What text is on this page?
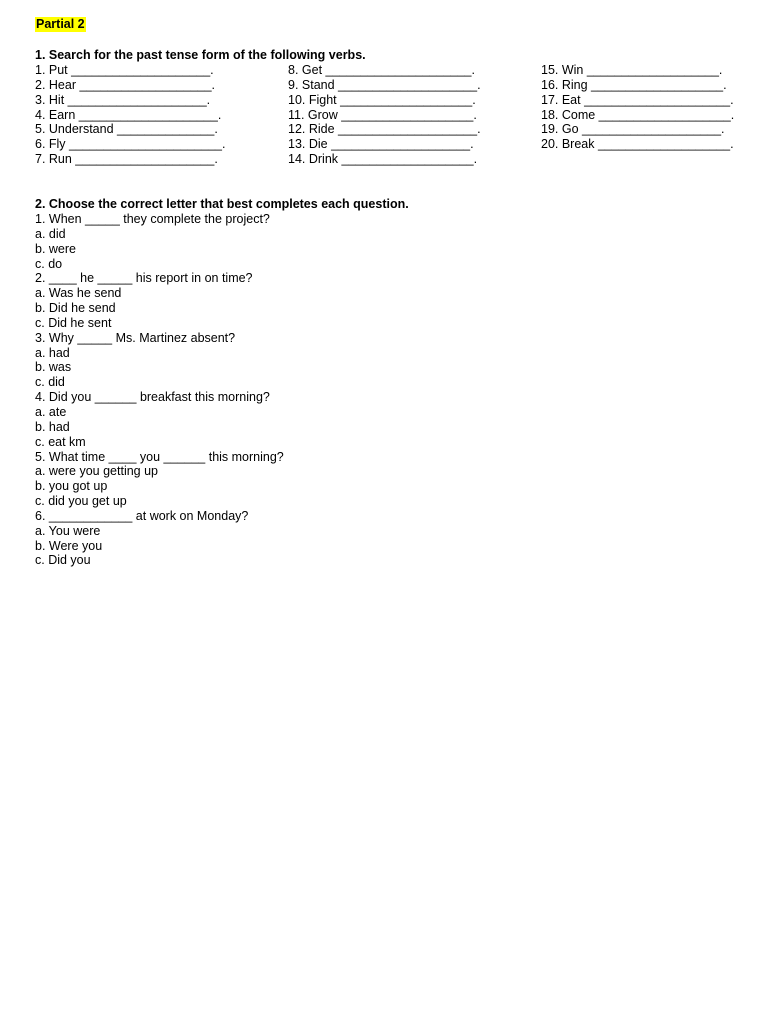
Partial 2
1. Search for the past tense form of the following verbs.
1. Put ____________________.
2. Hear ___________________.
3. Hit ____________________.
4. Earn ____________________.
5. Understand ______________.
6. Fly ______________________.
7. Run ____________________.
8. Get _____________________.
9. Stand ____________________.
10. Fight ___________________.
11. Grow ___________________.
12. Ride ____________________.
13. Die ____________________.
14. Drink ___________________.
15. Win ___________________.
16. Ring ___________________.
17. Eat _____________________.
18. Come ___________________.
19. Go ____________________.
20. Break ___________________.
2. Choose the correct letter that best completes each question.
1. When _____ they complete the project?
a. did
b. were
c. do
2. ____ he _____ his report in on time?
a. Was he send
b. Did he send
c. Did he sent
3. Why _____ Ms. Martinez absent?
a. had
b. was
c. did
4. Did you ______ breakfast this morning?
a. ate
b. had
c. eat km
5. What time ____ you ______ this morning?
a. were you getting up
b. you got up
c. did you get up
6. ____________ at work on Monday?
a. You were
b. Were you
c. Did you
